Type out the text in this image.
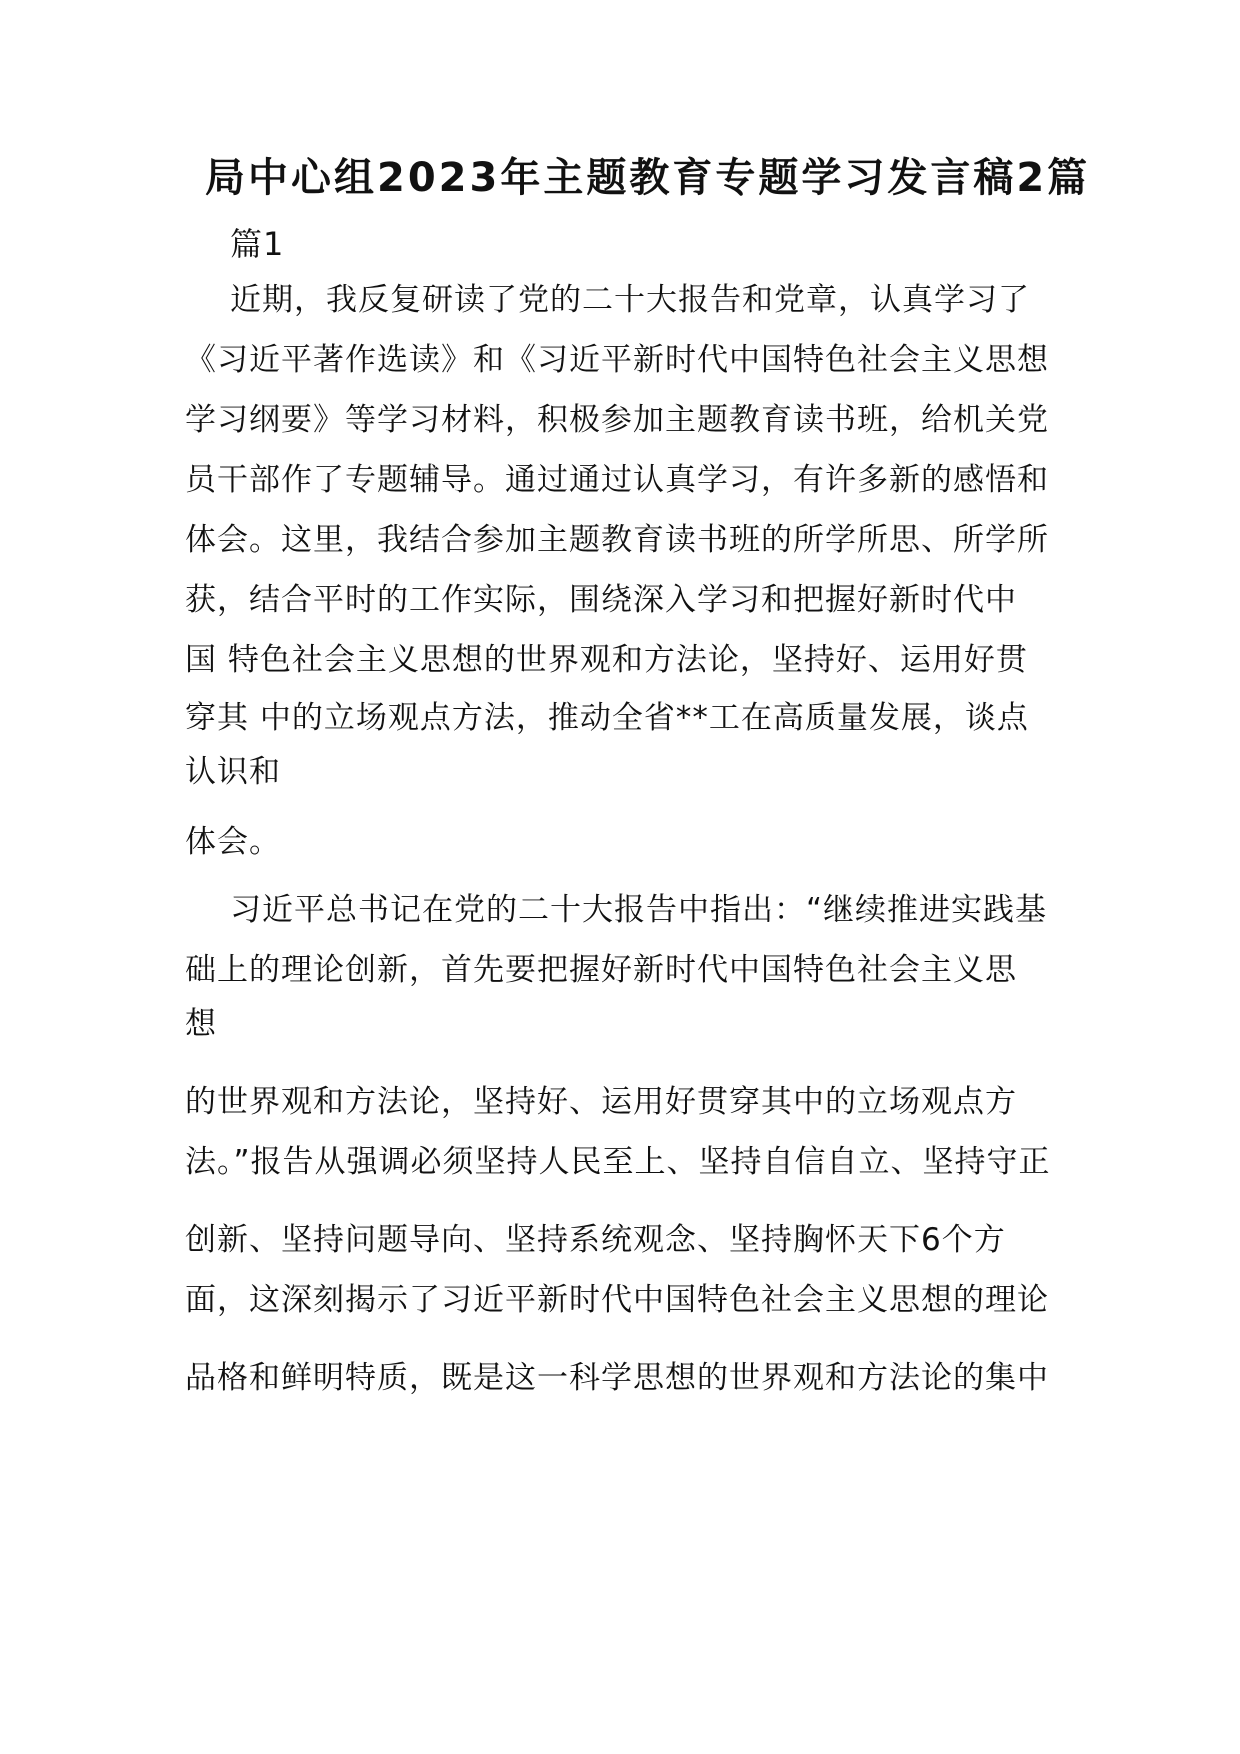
局中心组2023年主题教育专题学习发言稿2篇
篇1
近期，我反复研读了党的二十大报告和党章，认真学习了
《习近平著作选读》和《习近平新时代中国特色社会主义思想
学习纲要》等学习材料，积极参加主题教育读书班，给机关党
员干部作了专题辅导。通过通过认真学习，有许多新的感悟和
体会。这里，我结合参加主题教育读书班的所学所思、所学所
获，结合平时的工作实际，围绕深入学习和把握好新时代中
国 特色社会主义思想的世界观和方法论，坚持好、运用好贯
穿其 中的立场观点方法，推动全省**工在高质量发展，谈点
认识和
体会。
习近平总书记在党的二十大报告中指出：“继续推进实践基
础上的理论创新，首先要把握好新时代中国特色社会主义思
想
的世界观和方法论，坚持好、运用好贯穿其中的立场观点方
法。”报告从强调必须坚持人民至上、坚持自信自立、坚持守正
创新、坚持问题导向、坚持系统观念、坚持胸怀天下6个方
面，这深刻揭示了习近平新时代中国特色社会主义思想的理论
品格和鲜明特质，既是这一科学思想的世界观和方法论的集中
